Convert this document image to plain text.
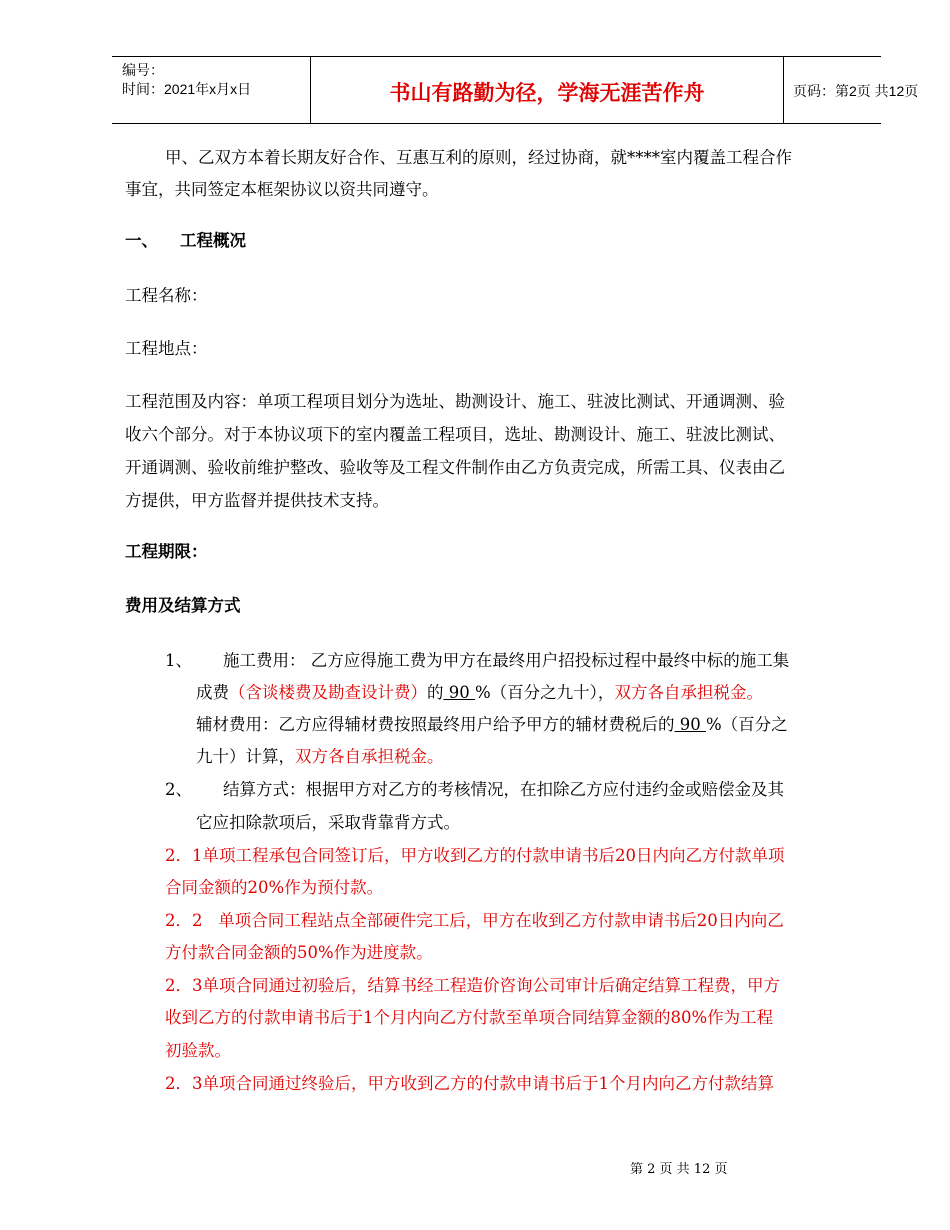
编号：
时间：2021年x月x日	书山有路勤为径，学海无涯苦作舟	页码：第2页 共12页
甲、乙双方本着长期友好合作、互惠互利的原则，经过协商，就****室内覆盖工程合作
事宜，共同签定本框架协议以资共同遵守。
一、 工程概况
工程名称：
工程地点：
工程范围及内容：单项工程项目划分为选址、勘测设计、施工、驻波比测试、开通调测、验
收六个部分。对于本协议项下的室内覆盖工程项目，选址、勘测设计、施工、驻波比测试、
开通调测、验收前维护整改、验收等及工程文件制作由乙方负责完成，所需工具、仪表由乙
方提供，甲方监督并提供技术支持。
工程期限：
费用及结算方式
1、 施工费用： 乙方应得施工费为甲方在最终用户招投标过程中最终中标的施工集
成费（含谈楼费及勘查设计费）的 90 %（百分之九十），双方各自承担税金。
辅材费用：乙方应得辅材费按照最终用户给予甲方的辅材费税后的 90 %（百分之
九十）计算，双方各自承担税金。
2、 结算方式：根据甲方对乙方的考核情况，在扣除乙方应付违约金或赔偿金及其
它应扣除款项后，采取背靠背方式。
2．1单项工程承包合同签订后，甲方收到乙方的付款申请书后20日内向乙方付款单项
合同金额的20%作为预付款。
2．2   单项合同工程站点全部硬件完工后，甲方在收到乙方付款申请书后20日内向乙
方付款合同金额的50%作为进度款。
2．3单项合同通过初验后，结算书经工程造价咨询公司审计后确定结算工程费，甲方
收到乙方的付款申请书后于1个月内向乙方付款至单项合同结算金额的80%作为工程
初验款。
2．3单项合同通过终验后，甲方收到乙方的付款申请书后于1个月内向乙方付款结算
第 2 页 共 12 页
